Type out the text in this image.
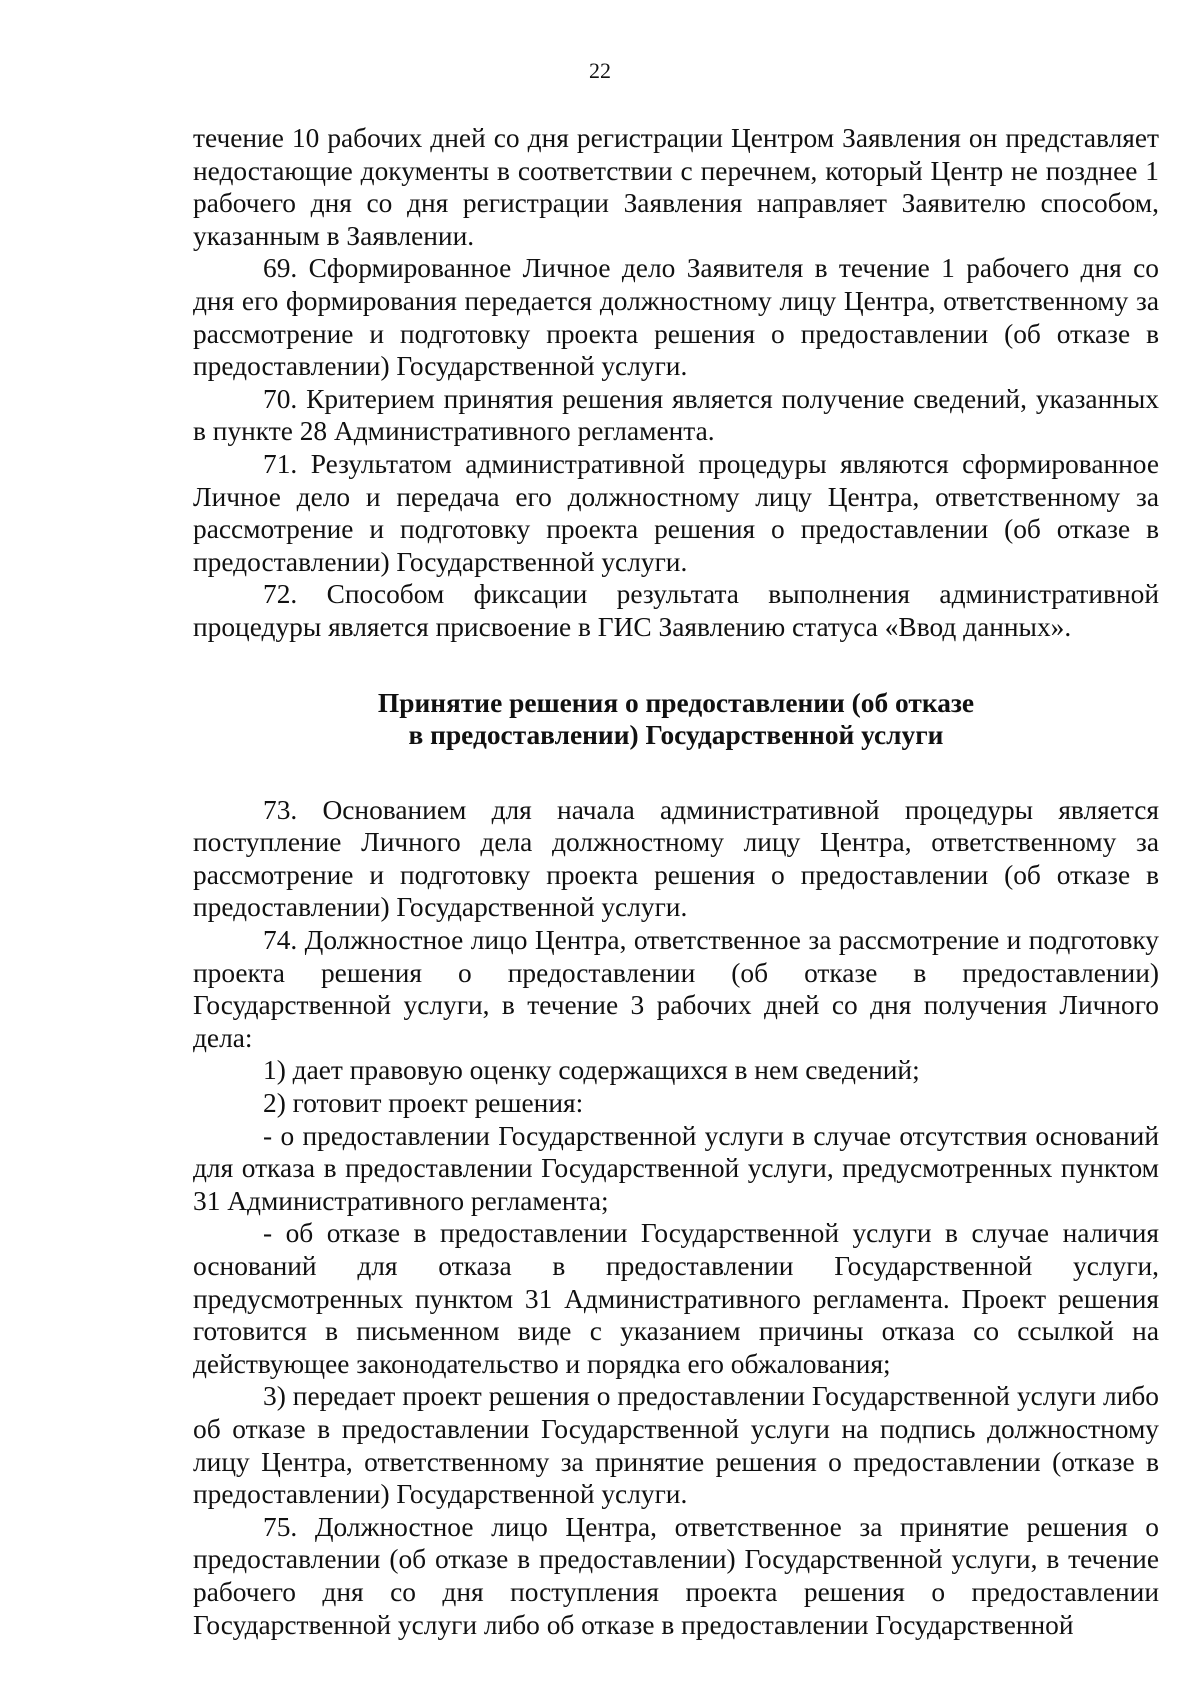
22

течение 10 рабочих дней со дня регистрации Центром Заявления он представляет недостающие документы в соответствии с перечнем, который Центр не позднее 1 рабочего дня со дня регистрации Заявления направляет Заявителю способом, указанным в Заявлении.

69. Сформированное Личное дело Заявителя в течение 1 рабочего дня со дня его формирования передается должностному лицу Центра, ответственному за рассмотрение и подготовку проекта решения о предоставлении (об отказе в предоставлении) Государственной услуги.

70. Критерием принятия решения является получение сведений, указанных в пункте 28 Административного регламента.

71. Результатом административной процедуры являются сформированное Личное дело и передача его должностному лицу Центра, ответственному за рассмотрение и подготовку проекта решения о предоставлении (об отказе в предоставлении) Государственной услуги.

72. Способом фиксации результата выполнения административной процедуры является присвоение в ГИС Заявлению статуса «Ввод данных».

Принятие решения о предоставлении (об отказе
в предоставлении) Государственной услуги

73. Основанием для начала административной процедуры является поступление Личного дела должностному лицу Центра, ответственному за рассмотрение и подготовку проекта решения о предоставлении (об отказе в предоставлении) Государственной услуги.

74. Должностное лицо Центра, ответственное за рассмотрение и подготовку проекта решения о предоставлении (об отказе в предоставлении) Государственной услуги, в течение 3 рабочих дней со дня получения Личного дела:

1) дает правовую оценку содержащихся в нем сведений;

2) готовит проект решения:

- о предоставлении Государственной услуги в случае отсутствия оснований для отказа в предоставлении Государственной услуги, предусмотренных пунктом 31 Административного регламента;

- об отказе в предоставлении Государственной услуги в случае наличия оснований для отказа в предоставлении Государственной услуги, предусмотренных пунктом 31 Административного регламента. Проект решения готовится в письменном виде с указанием причины отказа со ссылкой на действующее законодательство и порядка его обжалования;

3) передает проект решения о предоставлении Государственной услуги либо об отказе в предоставлении Государственной услуги на подпись должностному лицу Центра, ответственному за принятие решения о предоставлении (отказе в предоставлении) Государственной услуги.

75. Должностное лицо Центра, ответственное за принятие решения о предоставлении (об отказе в предоставлении) Государственной услуги, в течение рабочего дня со дня поступления проекта решения о предоставлении Государственной услуги либо об отказе в предоставлении Государственной
